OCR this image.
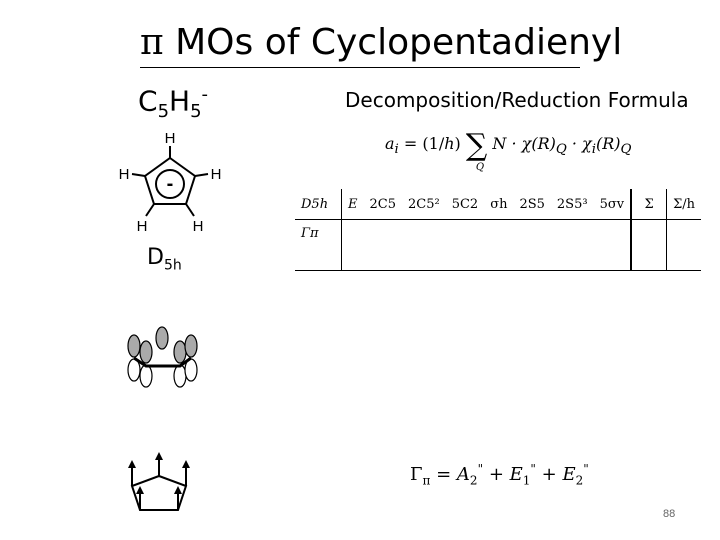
π MOs of Cyclopentadienyl
$C_5H_5^-$	Decomposition/Reduction Formula
$a_i = (1/h)$ ∑
Q
$N \cdot \chi(R)_Q \cdot \chi_i(R)_Q$
H
H	H
H	H
-
$D_{5h}$
D5h	E	2C5	2C5²	5C2	σh	2S5	2S5³	5σv	Σ	Σ/h
Γπ										
$\Gamma_\pi = A_2^" + E_1^" + E_2^"$
88
